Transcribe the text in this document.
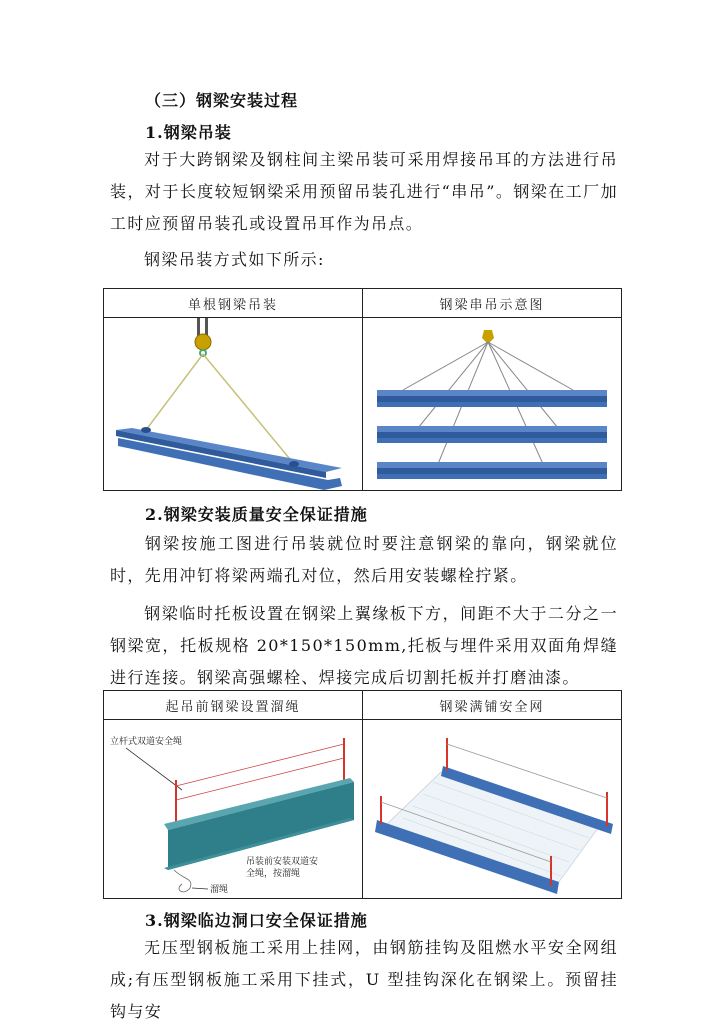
（三）钢梁安装过程
1.钢梁吊装
对于大跨钢梁及钢柱间主梁吊装可采用焊接吊耳的方法进行吊装，对于长度较短钢梁采用预留吊装孔进行“串吊”。钢梁在工厂加工时应预留吊装孔或设置吊耳作为吊点。
钢梁吊装方式如下所示:
单根钢梁吊装	钢梁串吊示意图

2.钢梁安装质量安全保证措施
钢梁按施工图进行吊装就位时要注意钢梁的靠向，钢梁就位时，先用冲钉将梁两端孔对位，然后用安装螺栓拧紧。
钢梁临时托板设置在钢梁上翼缘板下方，间距不大于二分之一钢梁宽，托板规格 20*150*150mm,托板与埋件采用双面角焊缝进行连接。钢梁高强螺栓、焊接完成后切割托板并打磨油漆。
起吊前钢梁设置溜绳	钢梁满铺安全网

立杆式双道安全绳
吊装前安装双道安
全绳，按溜绳
溜绳

3.钢梁临边洞口安全保证措施
无压型钢板施工采用上挂网，由钢筋挂钩及阻燃水平安全网组成;有压型钢板施工采用下挂式，U 型挂钩深化在钢梁上。预留挂钩与安
